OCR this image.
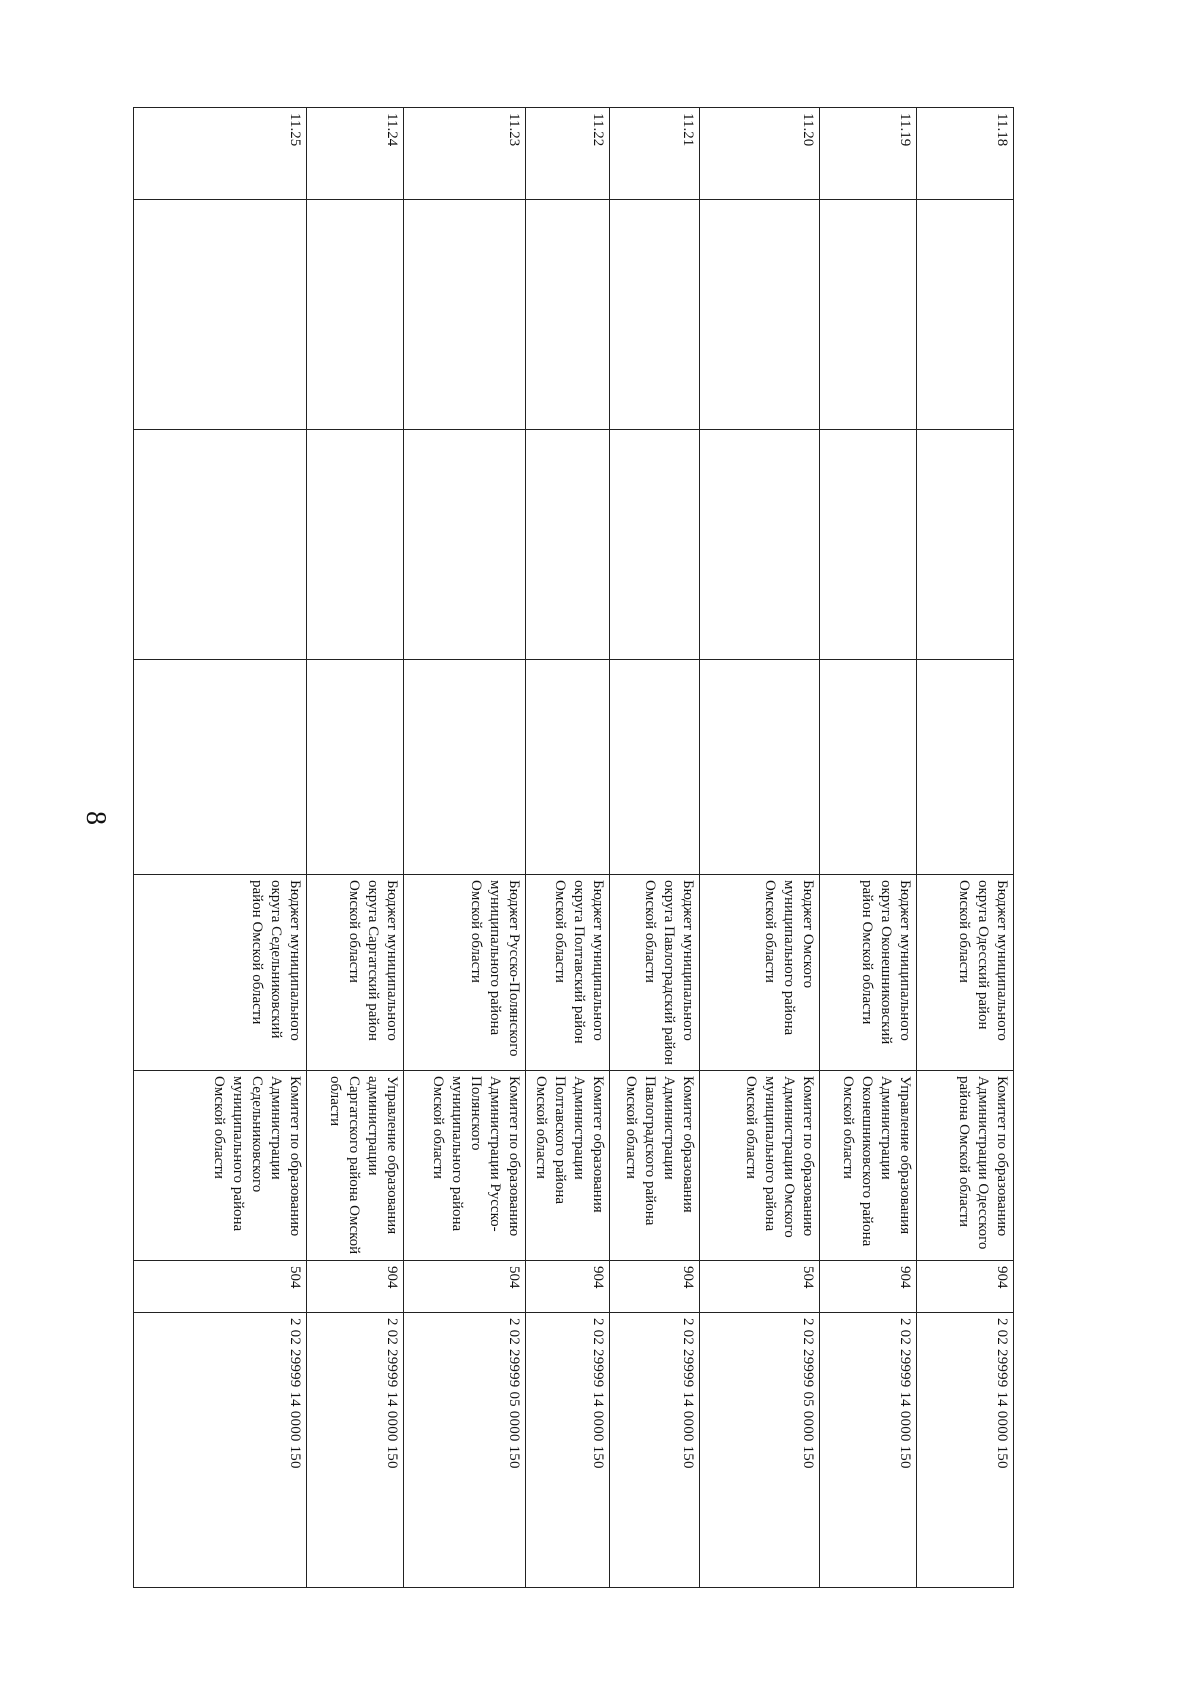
8
11.18				Бюджет муниципального округа Одесский район Омской области	Комитет по образованию Администрации Одесского района Омской области	904	2 02 29999 14 0000 150
11.19				Бюджет муниципального округа Оконешниковский район Омской области	Управление образования Администрации Оконешниковского района Омской области	904	2 02 29999 14 0000 150
11.20				Бюджет Омского муниципального района Омской области	Комитет по образованию Администрации Омского муниципального района Омской области	504	2 02 29999 05 0000 150
11.21				Бюджет муниципального округа Павлоградский район Омской области	Комитет образования Администрации Павлоградского района Омской области	904	2 02 29999 14 0000 150
11.22				Бюджет муниципального округа Полтавский район Омской области	Комитет образования Администрации Полтавского района Омской области	904	2 02 29999 14 0000 150
11.23				Бюджет Русско-Полянского муниципального района Омской области	Комитет по образованию Администрации Русско-Полянского муниципального района Омской области	504	2 02 29999 05 0000 150
11.24				Бюджет муниципального округа Саргатский район Омской области	Управление образования администрации Саргатского района Омской области	904	2 02 29999 14 0000 150
11.25				Бюджет муниципального округа Седельниковский район Омской области	Комитет по образованию Администрации Седельниковского муниципального района Омской области	504	2 02 29999 14 0000 150
